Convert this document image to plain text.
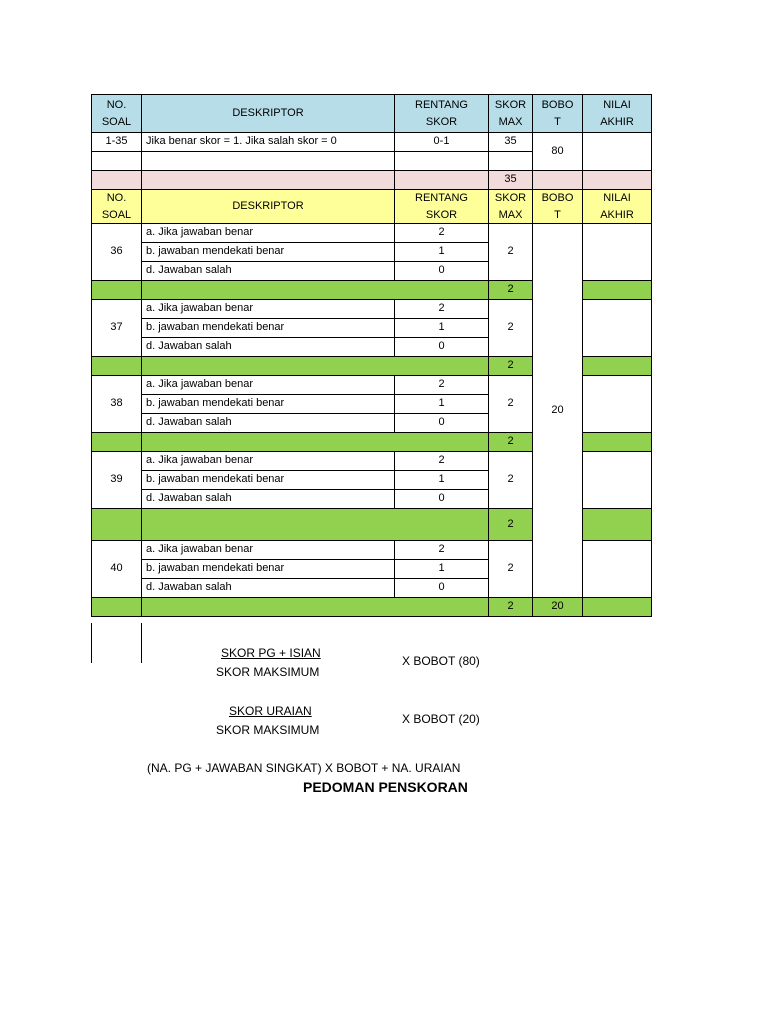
NO. SOAL	DESKRIPTOR	RENTANG SKOR	SKOR MAX	BOBO T	NILAI AKHIR
1-35	Jika benar skor = 1. Jika salah skor = 0	0-1	35	80	

			35		
NO. SOAL	DESKRIPTOR	RENTANG SKOR	SKOR MAX	BOBO T	NILAI AKHIR
36	a. Jika jawaban benar	2	2	20	
	b. jawaban mendekati benar	1			
	d. Jawaban salah	0			
			2		
37	a. Jika jawaban benar	2	2		
	b. jawaban mendekati benar	1			
	d. Jawaban salah	0			
			2		
38	a. Jika jawaban benar	2	2		
	b. jawaban mendekati benar	1			
	d. Jawaban salah	0			
			2		
39	a. Jika jawaban benar	2	2		
	b. jawaban mendekati benar	1			
	d. Jawaban salah	0			
			2		
40	a. Jika jawaban benar	2	2		
	b. jawaban mendekati benar	1			
	d. Jawaban salah	0			
			2	20	
SKOR PG + ISIAN
SKOR MAKSIMUM
X BOBOT (80)
SKOR URAIAN
SKOR MAKSIMUM
X BOBOT (20)
(NA. PG + JAWABAN SINGKAT) X BOBOT + NA. URAIAN
PEDOMAN PENSKORAN
